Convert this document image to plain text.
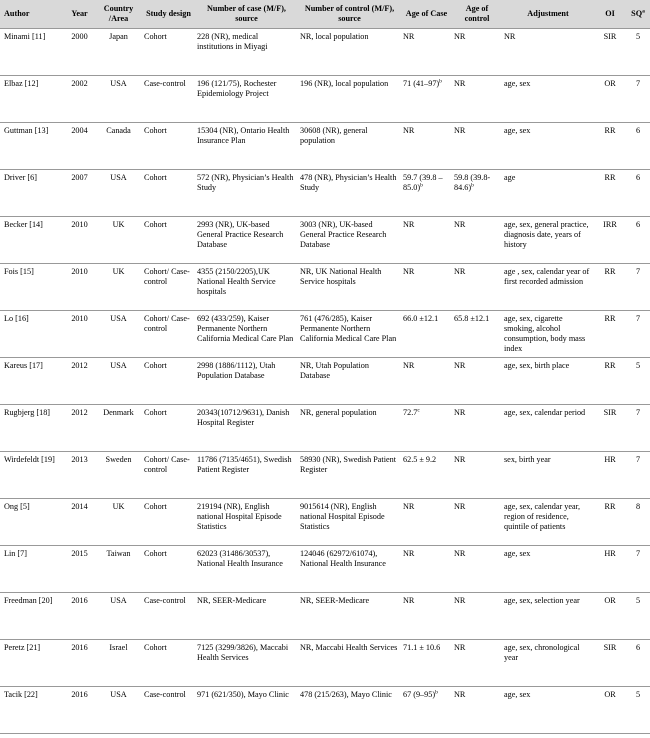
Author	Year	Country /Area	Study design	Number of case (M/F), source	Number of control (M/F), source	Age of Case	Age of control	Adjustment	OI	$SQ^a$
Minami [11]	2000	Japan	Cohort	228 (NR), medical institutions in Miyagi	NR, local population	NR	NR	NR	SIR	5
Elbaz [12]	2002	USA	Case-control	196 (121/75), Rochester Epidemiology Project	196 (NR), local population	71 $(41-97)^b$	NR	age, sex	OR	7
Guttman [13]	2004	Canada	Cohort	15304 (NR), Ontario Health Insurance Plan	30608 (NR), general population	NR	NR	age, sex	RR	6
Driver [6]	2007	USA	Cohort	572 (NR), Physician’s Health Study	478 (NR), Physician’s Health Study	59.7 (39.8 –85.0)$^b$	59.8 (39.8- 84.6)$^b$	age	RR	6
Becker [14]	2010	UK	Cohort	2993 (NR), UK-based General Practice Research Database	3003 (NR), UK-based General Practice Research Database	NR	NR	age, sex, general practice, diagnosis date, years of history	IRR	6
Fois [15]	2010	UK	Cohort/ Case-control	4355 (2150/2205),UK National Health Service hospitals	NR, UK National Health Service hospitals	NR	NR	age , sex, calendar year of first recorded admission	RR	7
Lo [16]	2010	USA	Cohort/ Case-control	692 (433/259), Kaiser Permanente Northern California Medical Care Plan	761 (476/285), Kaiser Permanente Northern California Medical Care Plan	66.0 ±12.1	65.8 ±12.1	age, sex, cigarette smoking, alcohol consumption, body mass index	RR	7
Kareus [17]	2012	USA	Cohort	2998 (1886/1112), Utah Population Database	NR, Utah Population Database	NR	NR	age, sex, birth place	RR	5
Rugbjerg [18]	2012	Denmark	Cohort	20343(10712/9631), Danish Hospital Register	NR, general population	72.7$^c$	NR	age, sex, calendar period	SIR	7
Wirdefeldt [19]	2013	Sweden	Cohort/ Case-control	11786 (7135/4651), Swedish Patient Register	58930 (NR), Swedish Patient Register	62.5 ± 9.2	NR	sex, birth year	HR	7
Ong [5]	2014	UK	Cohort	219194 (NR), English national Hospital Episode Statistics	9015614 (NR), English national Hospital Episode Statistics	NR	NR	age, sex, calendar year, region of residence, quintile of patients	RR	8
Lin [7]	2015	Taiwan	Cohort	62023 (31486/30537), National Health Insurance	124046 (62972/61074), National Health Insurance	NR	NR	age, sex	HR	7
Freedman [20]	2016	USA	Case-control	NR, SEER-Medicare	NR, SEER-Medicare	NR	NR	age, sex, selection year	OR	5
Peretz [21]	2016	Israel	Cohort	7125 (3299/3826), Maccabi Health Services	NR, Maccabi Health Services	71.1 ± 10.6	NR	age, sex, chronological year	SIR	6
Tacik [22]	2016	USA	Case-control	971 (621/350), Mayo Clinic	478 (215/263), Mayo Clinic	67 $(9-95)^b$	NR	age, sex	OR	5
